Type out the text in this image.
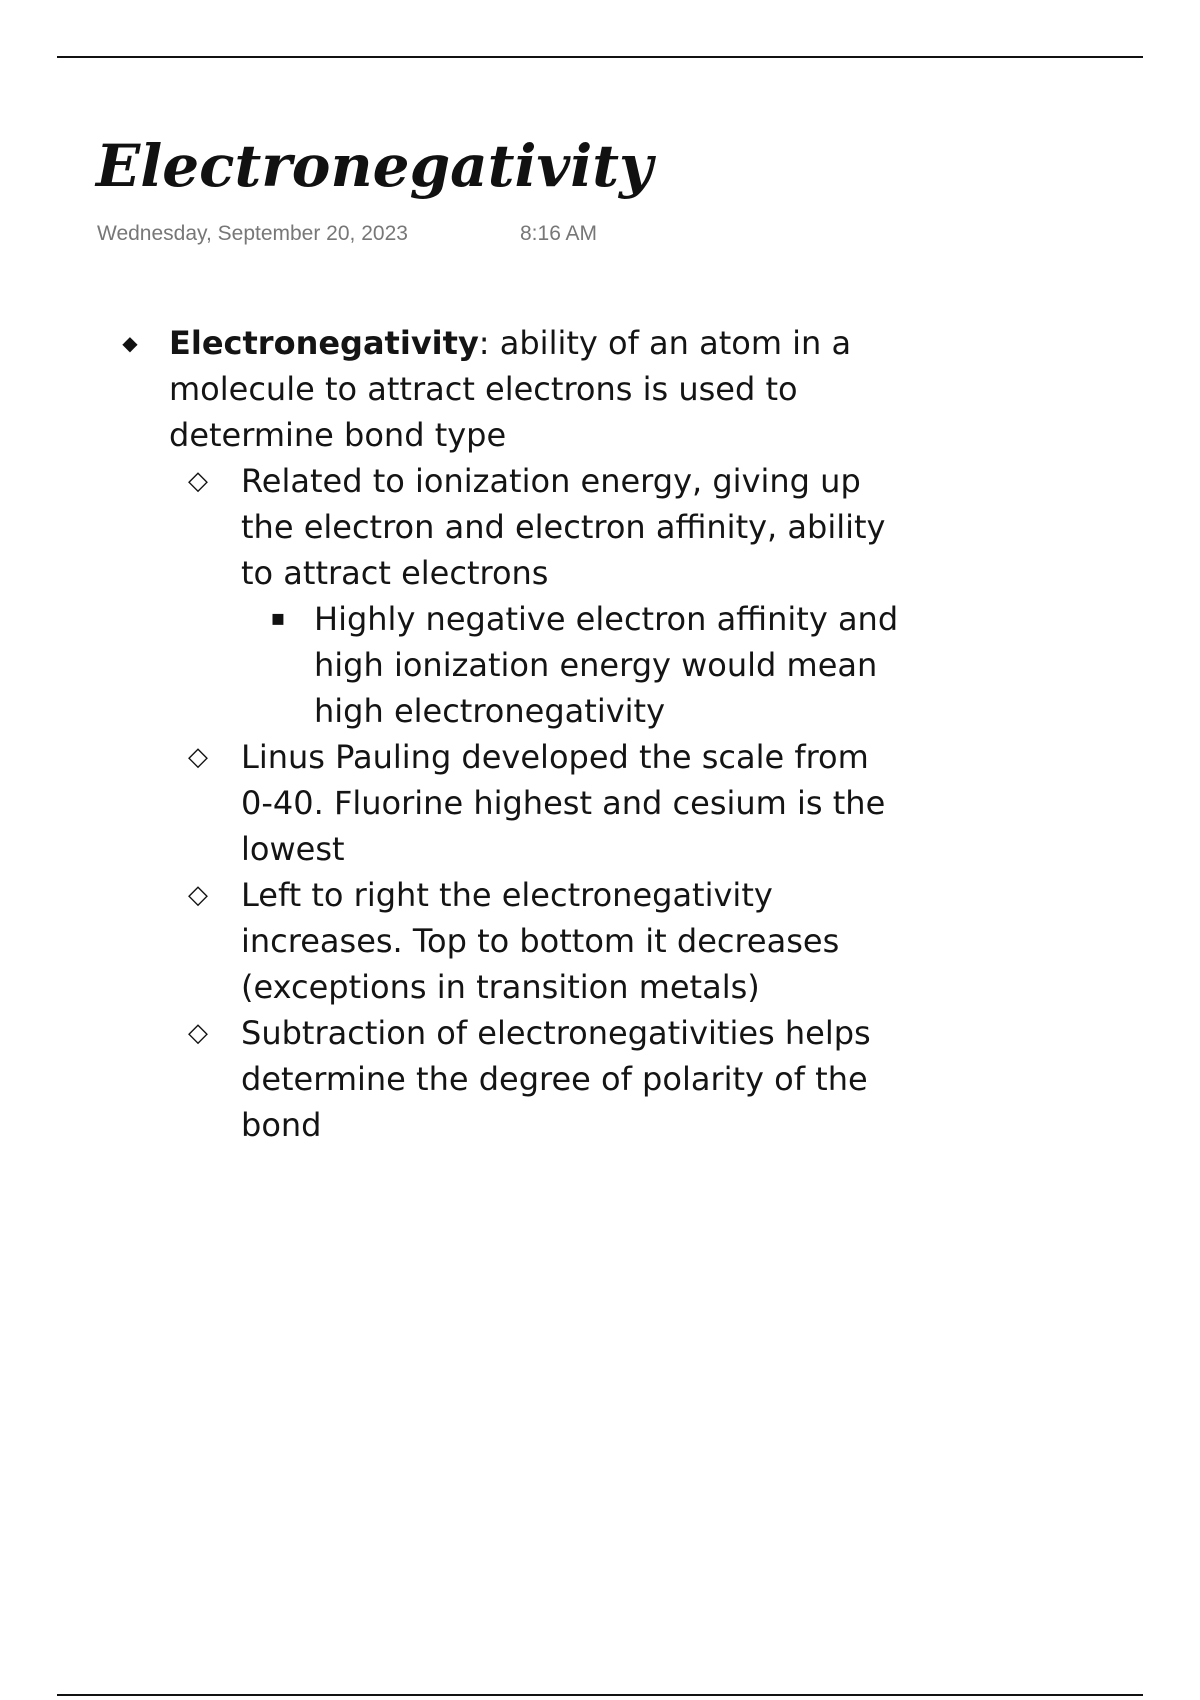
Electronegativity
Wednesday, September 20, 2023	8:16 AM
◆ Electronegativity: ability of an atom in a molecule to attract electrons is used to determine bond type
◇ Related to ionization energy, giving up the electron and electron affinity, ability to attract electrons
▪ Highly negative electron affinity and high ionization energy would mean high electronegativity
◇ Linus Pauling developed the scale from 0-40. Fluorine highest and cesium is the lowest
◇ Left to right the electronegativity increases. Top to bottom it decreases (exceptions in transition metals)
◇ Subtraction of electronegativities helps determine the degree of polarity of the bond
